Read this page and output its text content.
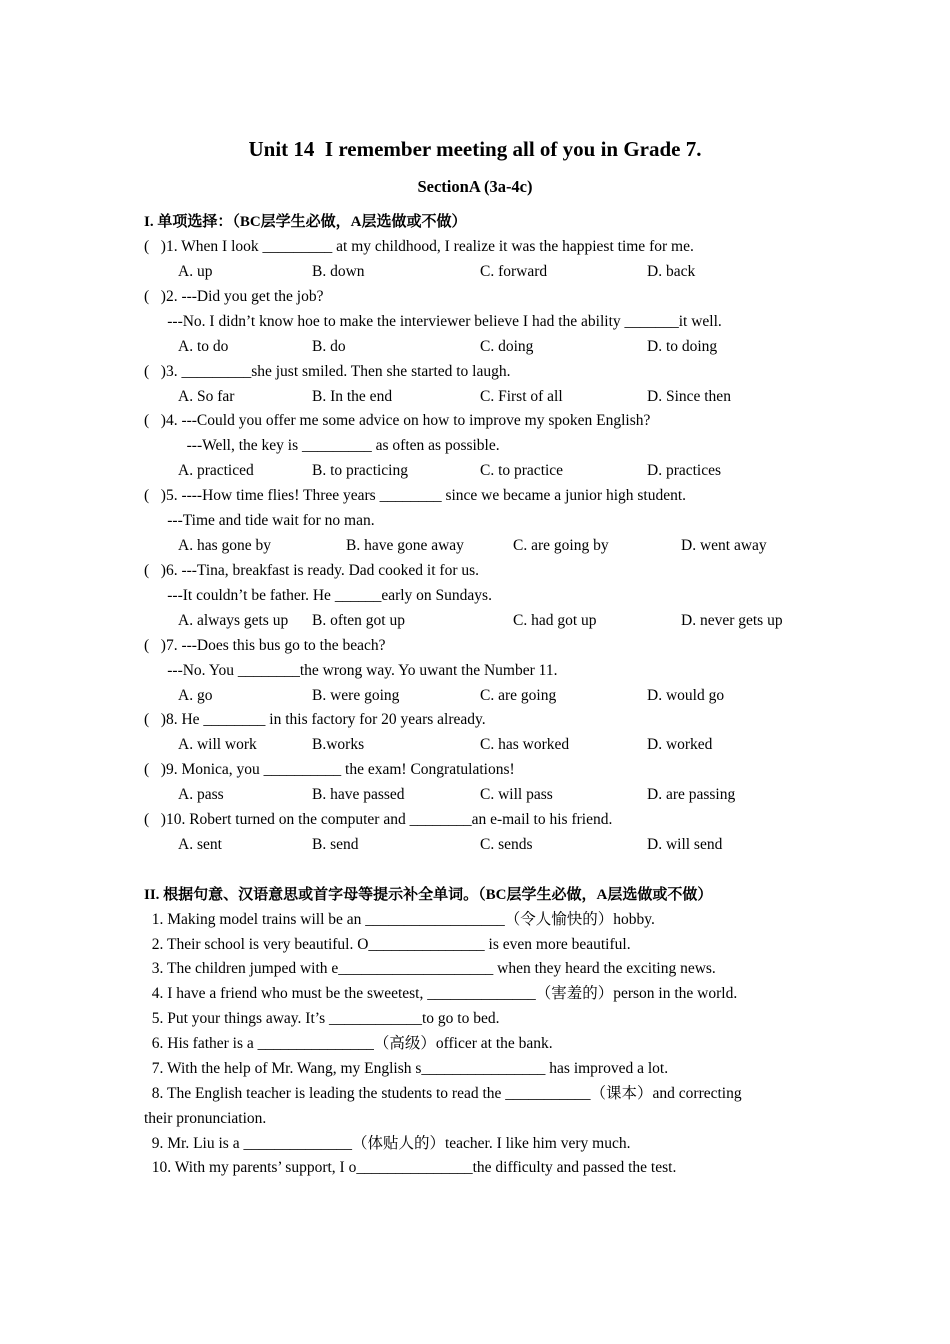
Unit 14  I remember meeting all of you in Grade 7.
SectionA (3a-4c)
I. 单项选择：（BC层学生必做，A层选做或不做）
(   )1. When I look _________ at my childhood, I realize it was the happiest time for me.
A. up	B. down	C. forward	D. back
(   )2. ---Did you get the job?
---No. I didn’t know hoe to make the interviewer believe I had the ability _______it well.
A. to do	B. do	C. doing	D. to doing
(   )3. _________she just smiled. Then she started to laugh.
A. So far	B. In the end	C. First of all	D. Since then
(   )4. ---Could you offer me some advice on how to improve my spoken English?
---Well, the key is _________ as often as possible.
A. practiced	B. to practicing	C. to practice	D. practices
(   )5. ----How time flies! Three years ________ since we became a junior high student.
---Time and tide wait for no man.
A. has gone by	B. have gone away	C. are going by	D. went away
(   )6. ---Tina, breakfast is ready. Dad cooked it for us.
---It couldn’t be father. He ______early on Sundays.
A. always gets up B. often got up	C. had got up	D. never gets up
(   )7. ---Does this bus go to the beach?
---No. You ________the wrong way. Yo uwant the Number 11.
A. go	B. were going	C. are going	D. would go
(   )8. He ________ in this factory for 20 years already.
A. will work	B.works	C. has worked	D. worked
(   )9. Monica, you __________ the exam! Congratulations!
A. pass	B. have passed	C. will pass	D. are passing
(   )10. Robert turned on the computer and ________an e-mail to his friend.
A. sent	B. send	C. sends	D. will send
II. 根据句意、汉语意思或首字母等提示补全单词。（BC层学生必做，A层选做或不做）
1. Making model trains will be an __________________（令人愉快的）hobby.
2. Their school is very beautiful. O_______________ is even more beautiful.
3. The children jumped with e____________________ when they heard the exciting news.
4. I have a friend who must be the sweetest, ______________（害羞的）person in the world.
5. Put your things away. It’s ____________to go to bed.
6. His father is a _______________（高级）officer at the bank.
7. With the help of Mr. Wang, my English s________________ has improved a lot.
8. The English teacher is leading the students to read the ___________（课本）and correcting
their pronunciation.
9. Mr. Liu is a ______________（体贴人的）teacher. I like him very much.
10. With my parents’ support, I o_______________the difficulty and passed the test.
